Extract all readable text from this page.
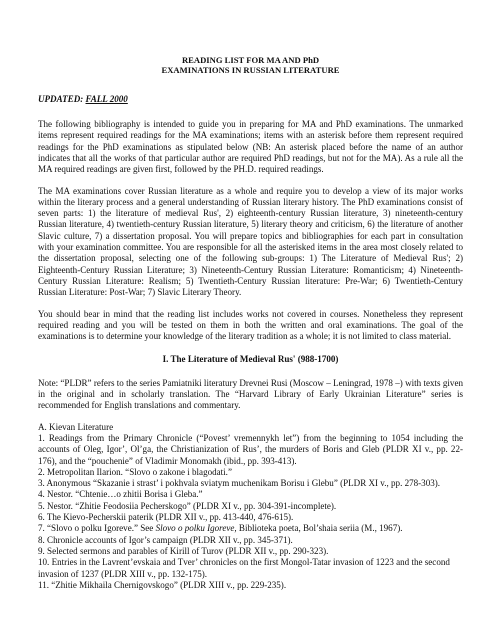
READING LIST FOR MA AND PhD
EXAMINATIONS IN RUSSIAN LITERATURE
UPDATED: FALL 2000

The following bibliography is intended to guide you in preparing for MA and PhD examinations. The unmarked items represent required readings for the MA examinations; items with an asterisk before them represent required readings for the PhD examinations as stipulated below (NB: An asterisk placed before the name of an author indicates that all the works of that particular author are required PhD readings, but not for the MA). As a rule all the MA required readings are given first, followed by the PH.D. required readings.

The MA examinations cover Russian literature as a whole and require you to develop a view of its major works within the literary process and a general understanding of Russian literary history. The PhD examinations consist of seven parts: 1) the literature of medieval Rus', 2) eighteenth-century Russian literature, 3) nineteenth-century Russian literature, 4) twentieth-century Russian literature, 5) literary theory and criticism, 6) the literature of another Slavic culture, 7) a dissertation proposal. You will prepare topics and bibliographies for each part in consultation with your examination committee. You are responsible for all the asterisked items in the area most closely related to the dissertation proposal, selecting one of the following sub-groups: 1) The Literature of Medieval Rus'; 2) Eighteenth-Century Russian Literature; 3) Nineteenth-Century Russian Literature: Romanticism; 4) Nineteenth-Century Russian Literature: Realism; 5) Twentieth-Century Russian literature: Pre-War; 6) Twentieth-Century Russian Literature: Post-War; 7) Slavic Literary Theory.

You should bear in mind that the reading list includes works not covered in courses. Nonetheless they represent required reading and you will be tested on them in both the written and oral examinations. The goal of the examinations is to determine your knowledge of the literary tradition as a whole; it is not limited to class material.

I. The Literature of Medieval Rus' (988-1700)

Note: “PLDR” refers to the series Pamiatniki literatury Drevnei Rusi (Moscow – Leningrad, 1978 –) with texts given in the original and in scholarly translation. The “Harvard Library of Early Ukrainian Literature” series is recommended for English translations and commentary.

A. Kievan Literature
1. Readings from the Primary Chronicle (“Povest’ vremennykh let”) from the beginning to 1054 including the accounts of Oleg, Igor’, Ol’ga, the Christianization of Rus’, the murders of Boris and Gleb (PLDR XI v., pp. 22-176), and the “pouchenie” of Vladimir Monomakh (ibid., pp. 393-413).
2. Metropolitan Ilarion. “Slovo o zakone i blagodati.”
3. Anonymous “Skazanie i strast’ i pokhvala sviatym muchenikam Borisu i Glebu” (PLDR XI v., pp. 278-303).
4. Nestor. “Chtenie…o zhitii Borisa i Gleba.”
5. Nestor. “Zhitie Feodosiia Pecherskogo” (PLDR XI v., pp. 304-391-incomplete).
6. The Kievo-Pecherskii paterik (PLDR XII v., pp. 413-440, 476-615).
7. “Slovo o polku Igoreve.” See Slovo o polku Igoreve, Biblioteka poeta, Bol’shaia seriia (M., 1967).
8. Chronicle accounts of Igor’s campaign (PLDR XII v., pp. 345-371).
9. Selected sermons and parables of Kirill of Turov (PLDR XII v., pp. 290-323).
10. Entries in the Lavrent’evskaia and Tver’ chronicles on the first Mongol-Tatar invasion of 1223 and the second invasion of 1237 (PLDR XIII v., pp. 132-175).
11. “Zhitie Mikhaila Chernigovskogo” (PLDR XIII v., pp. 229-235).
